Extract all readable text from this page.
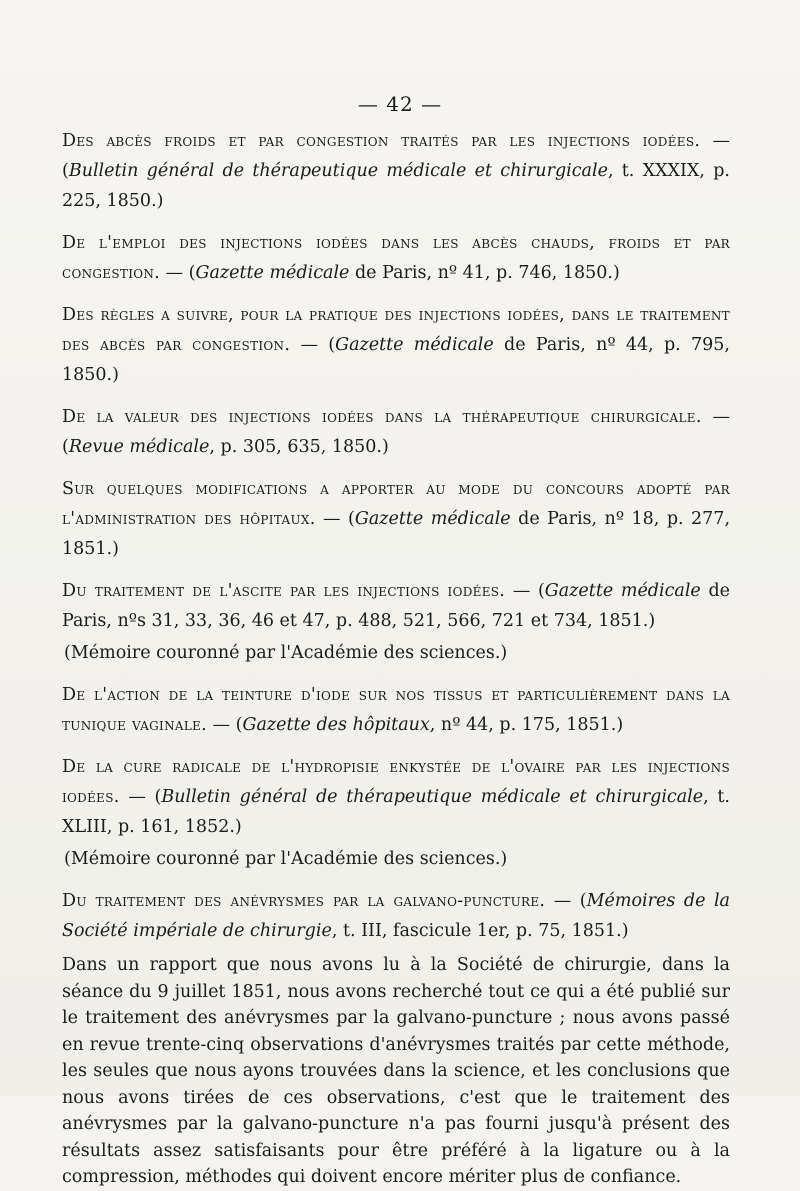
— 42 —
Des abcès froids et par congestion traités par les injections iodées. — (Bulletin général de thérapeutique médicale et chirurgicale, t. XXXIX, p. 225, 1850.)
De l'emploi des injections iodées dans les abcès chauds, froids et par congestion. — (Gazette médicale de Paris, nº 41, p. 746, 1850.)
Des règles a suivre, pour la pratique des injections iodées, dans le traitement des abcès par congestion. — (Gazette médicale de Paris, nº 44, p. 795, 1850.)
De la valeur des injections iodées dans la thérapeutique chirurgicale. — (Revue médicale, p. 305, 635, 1850.)
Sur quelques modifications a apporter au mode du concours adopté par l'administration des hôpitaux. — (Gazette médicale de Paris, nº 18, p. 277, 1851.)
Du traitement de l'ascite par les injections iodées. — (Gazette médicale de Paris, nºs 31, 33, 36, 46 et 47, p. 488, 521, 566, 721 et 734, 1851.)
(Mémoire couronné par l'Académie des sciences.)
De l'action de la teinture d'iode sur nos tissus et particulièrement dans la tunique vaginale. — (Gazette des hôpitaux, nº 44, p. 175, 1851.)
De la cure radicale de l'hydropisie enkystée de l'ovaire par les injections iodées. — (Bulletin général de thérapeutique médicale et chirurgicale, t. XLIII, p. 161, 1852.)
(Mémoire couronné par l'Académie des sciences.)
Du traitement des anévrysmes par la galvano-puncture. — (Mémoires de la Société impériale de chirurgie, t. III, fascicule 1er, p. 75, 1851.)
Dans un rapport que nous avons lu à la Société de chirurgie, dans la séance du 9 juillet 1851, nous avons recherché tout ce qui a été publié sur le traitement des anévrysmes par la galvano-puncture ; nous avons passé en revue trente-cinq observations d'anévrysmes traités par cette méthode, les seules que nous ayons trouvées dans la science, et les conclusions que nous avons tirées de ces observations, c'est que le traitement des anévrysmes par la galvano-puncture n'a pas fourni jusqu'à présent des résultats assez satisfaisants pour être préféré à la ligature ou à la compression, méthodes qui doivent encore mériter plus de confiance.
